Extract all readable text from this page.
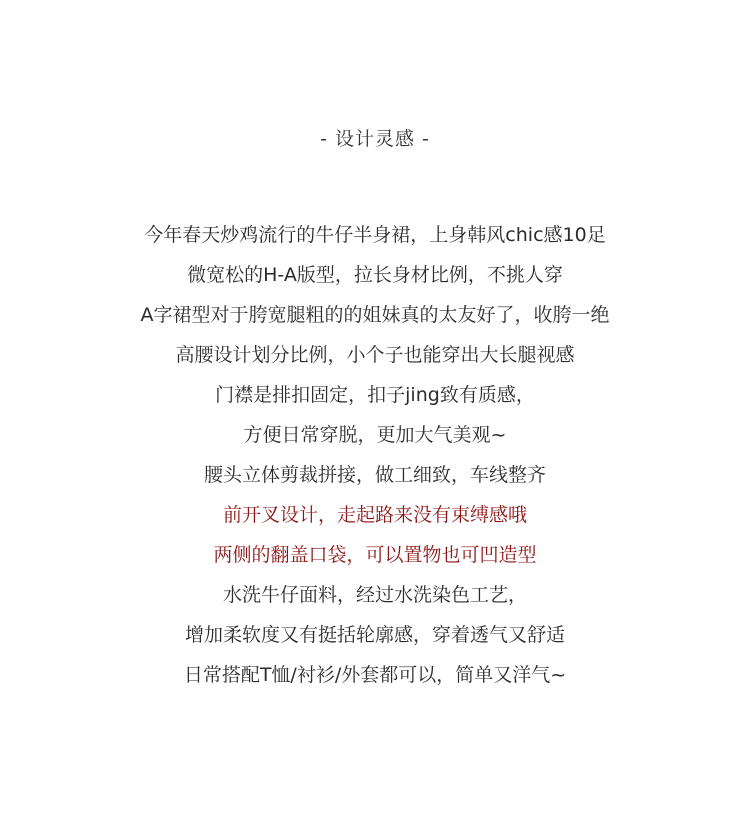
- 设计灵感 -
今年春天炒鸡流行的牛仔半身裙，上身韩风chic感10足
微宽松的H-A版型，拉长身材比例，不挑人穿
A字裙型对于胯宽腿粗的的姐妹真的太友好了，收胯一绝
高腰设计划分比例，小个子也能穿出大长腿视感
门襟是排扣固定，扣子jing致有质感，
方便日常穿脱，更加大气美观~
腰头立体剪裁拼接，做工细致，车线整齐
前开叉设计，走起路来没有束缚感哦
两侧的翻盖口袋，可以置物也可凹造型
水洗牛仔面料，经过水洗染色工艺，
增加柔软度又有挺括轮廓感，穿着透气又舒适
日常搭配T恤/衬衫/外套都可以，简单又洋气~
